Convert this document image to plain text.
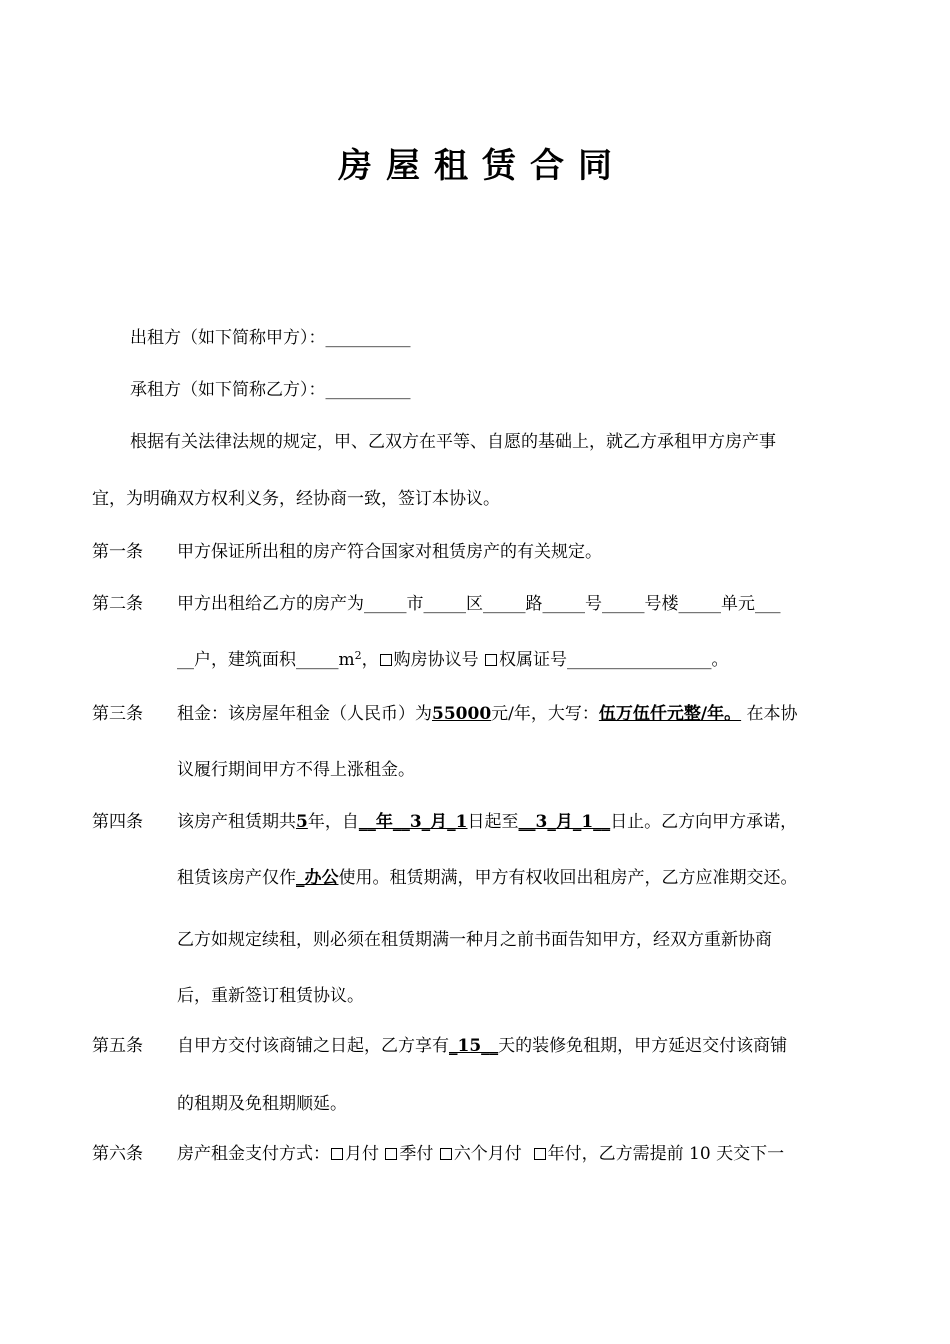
房屋租赁合同
出租方（如下简称甲方）：__________
承租方（如下简称乙方）：__________
根据有关法律法规的规定，甲、乙双方在平等、自愿的基础上，就乙方承租甲方房产事
宜，为明确双方权利义务，经协商一致，签订本协议。
第一条 甲方保证所出租的房产符合国家对租赁房产的有关规定。
第二条 甲方出租给乙方的房产为_____市_____区_____路_____号_____号楼_____单元___
__户，建筑面积$\_\_\_\_\_m^2$， 购房协议号 权属证号_________________。
第三条 租金：该房屋年租金（人民币）为55000元/年，大写：伍万伍仟元整/年。 在本协
议履行期间甲方不得上涨租金。
第四条 该房产租赁期共5年，自__年__3_月_1日起至__3_月_1__日止。乙方向甲方承诺，
租赁该房产仅作_办公使用。租赁期满，甲方有权收回出租房产，乙方应准期交还。
乙方如规定续租，则必须在租赁期满一种月之前书面告知甲方，经双方重新协商
后，重新签订租赁协议。
第五条 自甲方交付该商铺之日起，乙方享有_15__天的装修免租期，甲方延迟交付该商铺
的租期及免租期顺延。
第六条 房产租金支付方式： 月付 季付 六个月付 年付，乙方需提前 10 天交下一
